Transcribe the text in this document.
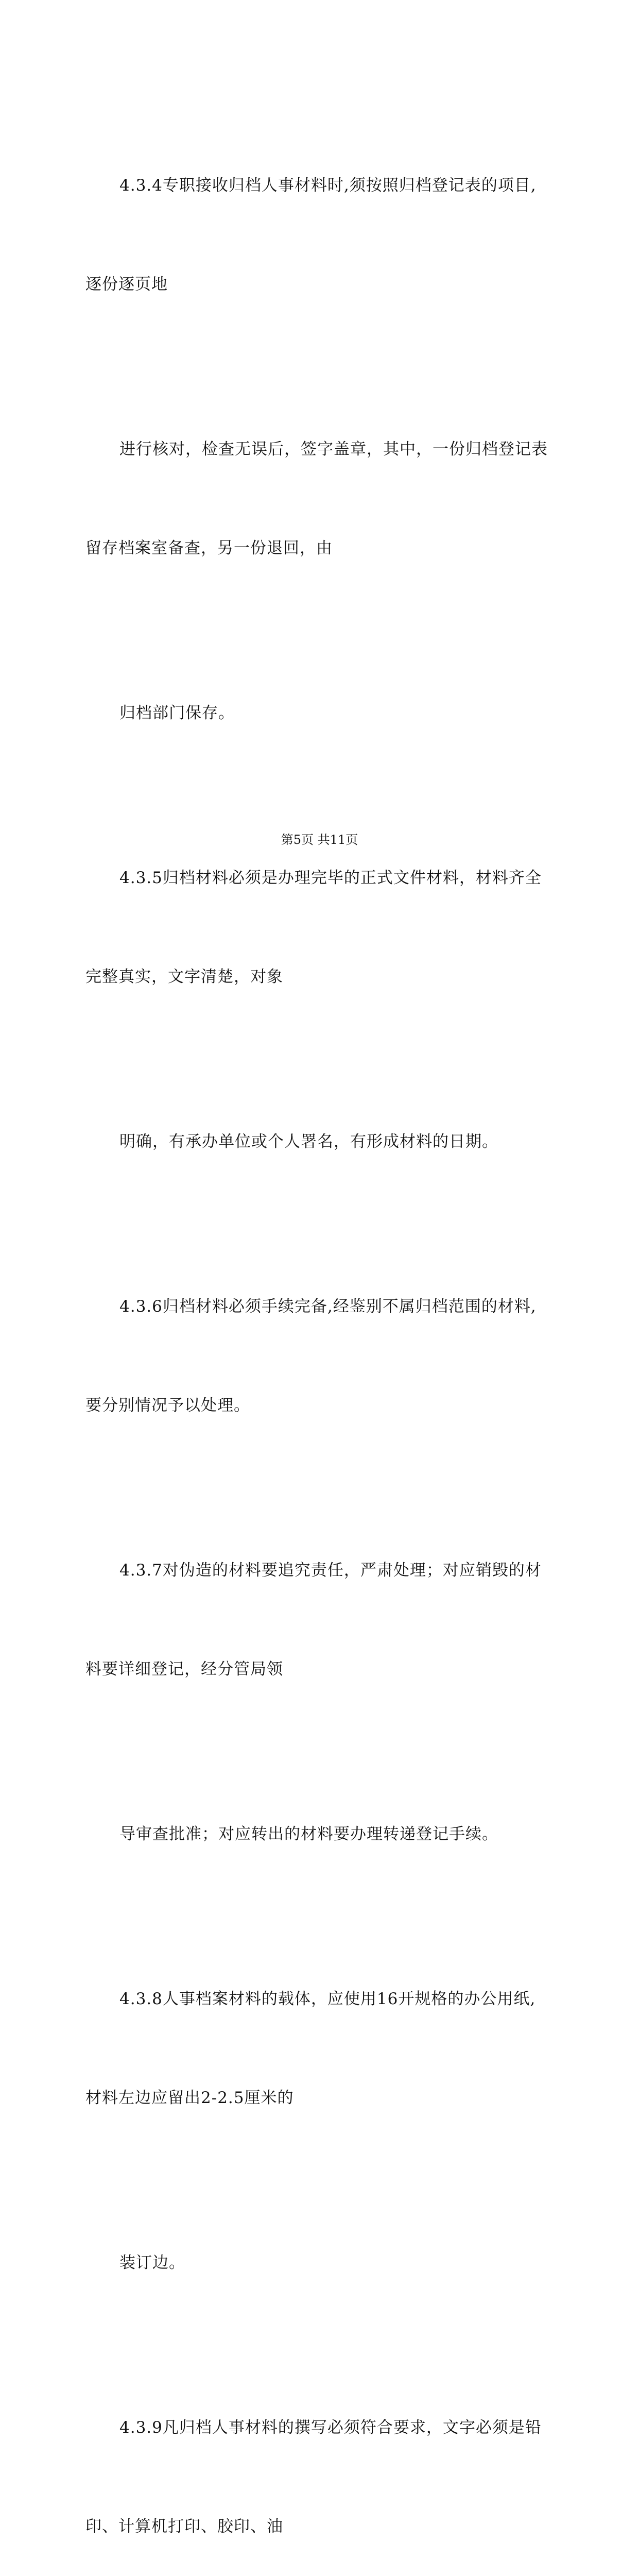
4.3.4专职接收归档人事材料时,须按照归档登记表的项目,

逐份逐页地

进行核对，检查无误后，签字盖章，其中，一份归档登记表

留存档案室备查，另一份退回，由

归档部门保存。

4.3.5归档材料必须是办理完毕的正式文件材料，材料齐全

完整真实，文字清楚，对象

明确，有承办单位或个人署名，有形成材料的日期。

4.3.6归档材料必须手续完备,经鉴别不属归档范围的材料,

要分别情况予以处理。

4.3.7对伪造的材料要追究责任，严肃处理；对应销毁的材

料要详细登记，经分管局领

导审查批准；对应转出的材料要办理转递登记手续。

4.3.8人事档案材料的载体，应使用16开规格的办公用纸,

材料左边应留出2-2.5厘米的

装订边。

4.3.9凡归档人事材料的撰写必须符合要求，文字必须是铅

印、计算机打印、胶印、油

第5页 共11页
